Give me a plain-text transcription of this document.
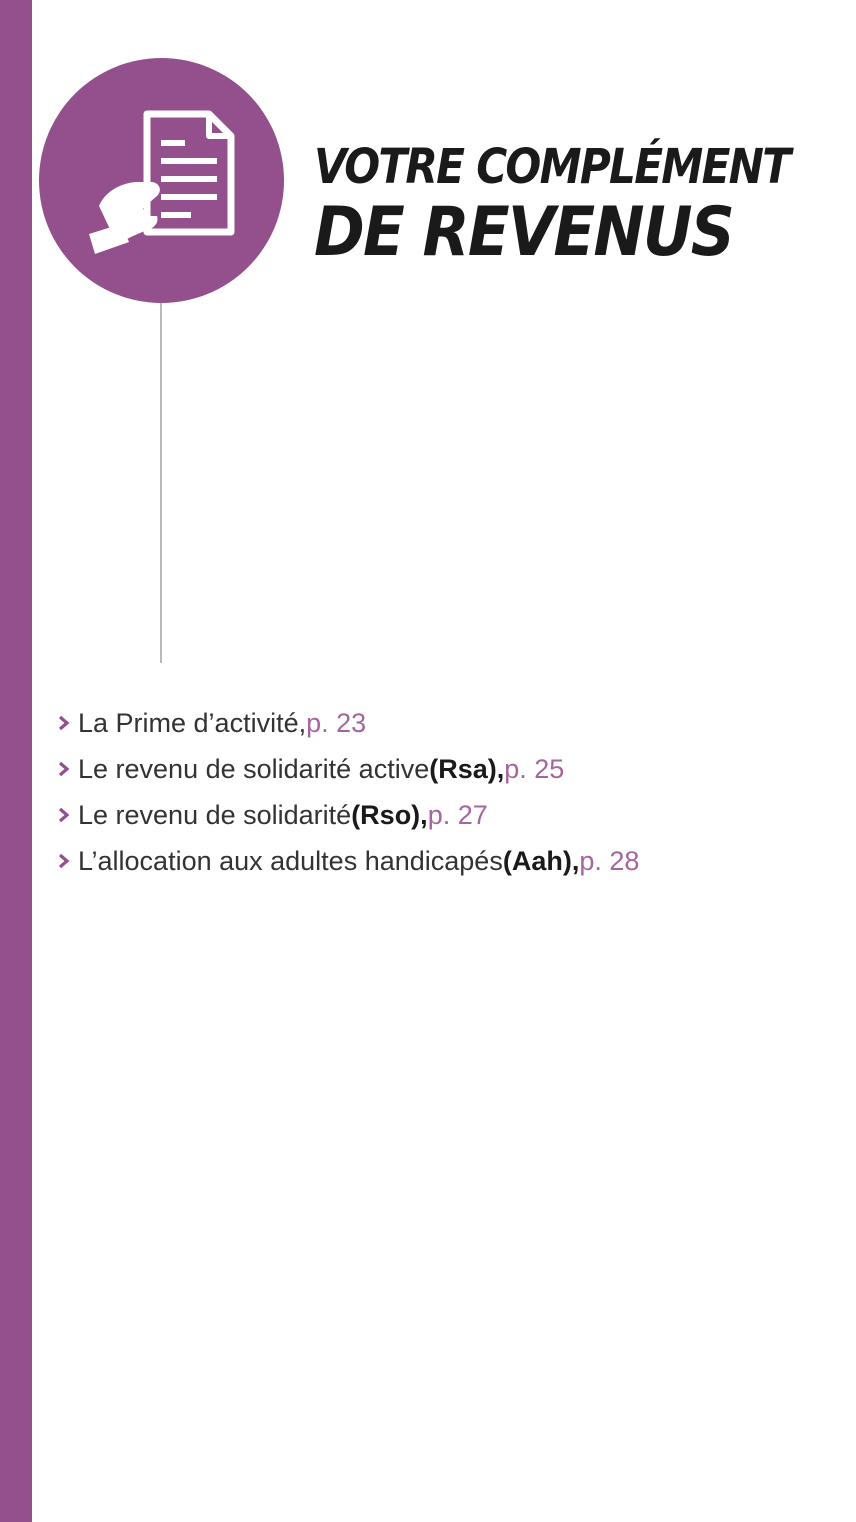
VOTRE COMPLÉMENT
DE REVENUS
La Prime d’activité, p. 23
Le revenu de solidarité active (Rsa), p. 25
Le revenu de solidarité (Rso), p. 27
L’allocation aux adultes handicapés (Aah), p. 28
